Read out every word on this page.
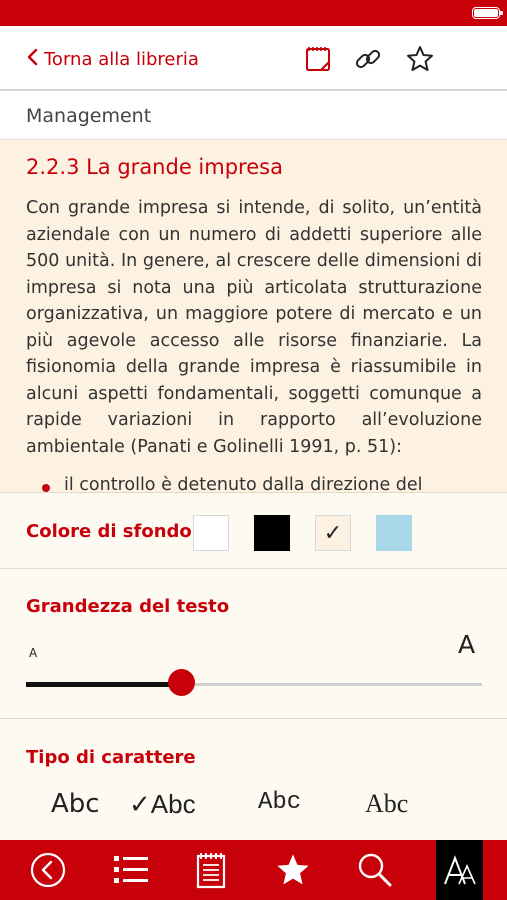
Torna alla libreria
Management
2.2.3 La grande impresa
Con grande impresa si intende, di solito, un’entità aziendale con un numero di addetti superiore alle 500 unità. In genere, al crescere delle dimensioni di impresa si nota una più articolata strutturazione organizzativa, un maggiore potere di mercato e un più agevole accesso alle risorse finanziarie. La fisionomia della grande impresa è riassumibile in alcuni aspetti fondamentali, soggetti comunque a rapide variazioni in rapporto all’evoluzione ambientale (Panati e Golinelli 1991, p. 51):
il controllo è detenuto dalla direzione del
Colore di sfondo	✓
Grandezza del testo
A	A
Tipo di carattere
Abc ✓Abc	Abc Abc
